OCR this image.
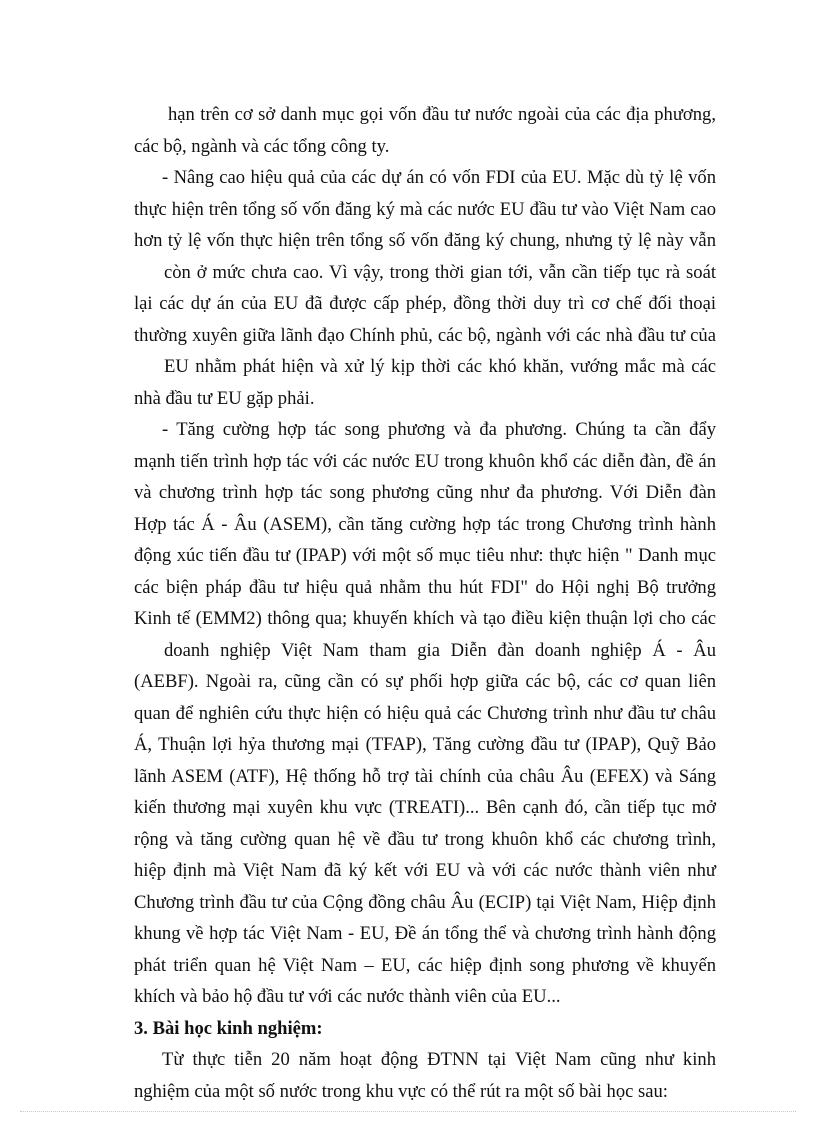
hạn trên cơ sở danh mục gọi vốn đầu tư nước ngoài của các địa phương,
các bộ, ngành và các tổng công ty.
- Nâng cao hiệu quả của các dự án có vốn FDI của EU. Mặc dù tỷ lệ vốn
thực hiện trên tổng số vốn đăng ký mà các nước EU đầu tư vào Việt Nam cao
hơn tỷ lệ vốn thực hiện trên tổng số vốn đăng ký chung, nhưng tỷ lệ này vẫn
còn ở mức chưa cao. Vì vậy, trong thời gian tới, vẫn cần tiếp tục rà soát
lại các dự án của EU đã được cấp phép, đồng thời duy trì cơ chế đối thoại
thường xuyên giữa lãnh đạo Chính phủ, các bộ, ngành với các nhà đầu tư của
EU nhằm phát hiện và xử lý kịp thời các khó khăn, vướng mắc mà các
nhà đầu tư EU gặp phải.
- Tăng cường hợp tác song phương và đa phương. Chúng ta cần đẩy
mạnh tiến trình hợp tác với các nước EU trong khuôn khổ các diễn đàn, đề án
và chương trình hợp tác song phương cũng như đa phương. Với Diễn đàn
Hợp tác Á - Âu (ASEM), cần tăng cường hợp tác trong Chương trình hành
động xúc tiến đầu tư (IPAP) với một số mục tiêu như: thực hiện " Danh mục
các biện pháp đầu tư hiệu quả nhằm thu hút FDI" do Hội nghị Bộ trưởng
Kinh tế (EMM2) thông qua; khuyến khích và tạo điều kiện thuận lợi cho các
doanh nghiệp Việt Nam tham gia Diễn đàn doanh nghiệp Á - Âu
(AEBF). Ngoài ra, cũng cần có sự phối hợp giữa các bộ, các cơ quan liên
quan để nghiên cứu thực hiện có hiệu quả các Chương trình như đầu tư châu
Á, Thuận lợi hỷa thương mại (TFAP), Tăng cường đầu tư (IPAP), Quỹ Bảo
lãnh ASEM (ATF), Hệ thống hỗ trợ tài chính của châu Âu (EFEX) và Sáng
kiến thương mại xuyên khu vực (TREATI)... Bên cạnh đó, cần tiếp tục mở
rộng và tăng cường quan hệ về đầu tư trong khuôn khổ các chương trình,
hiệp định mà Việt Nam đã ký kết với EU và với các nước thành viên như
Chương trình đầu tư của Cộng đồng châu Âu (ECIP) tại Việt Nam, Hiệp định
khung về hợp tác Việt Nam - EU, Đề án tổng thể và chương trình hành động
phát triển quan hệ Việt Nam – EU, các hiệp định song phương về khuyến
khích và bảo hộ đầu tư với các nước thành viên của EU...
3. Bài học kinh nghiệm:
Từ thực tiễn 20 năm hoạt động ĐTNN tại Việt Nam cũng như kinh
nghiệm của một số nước trong khu vực có thể rút ra một số bài học sau:
